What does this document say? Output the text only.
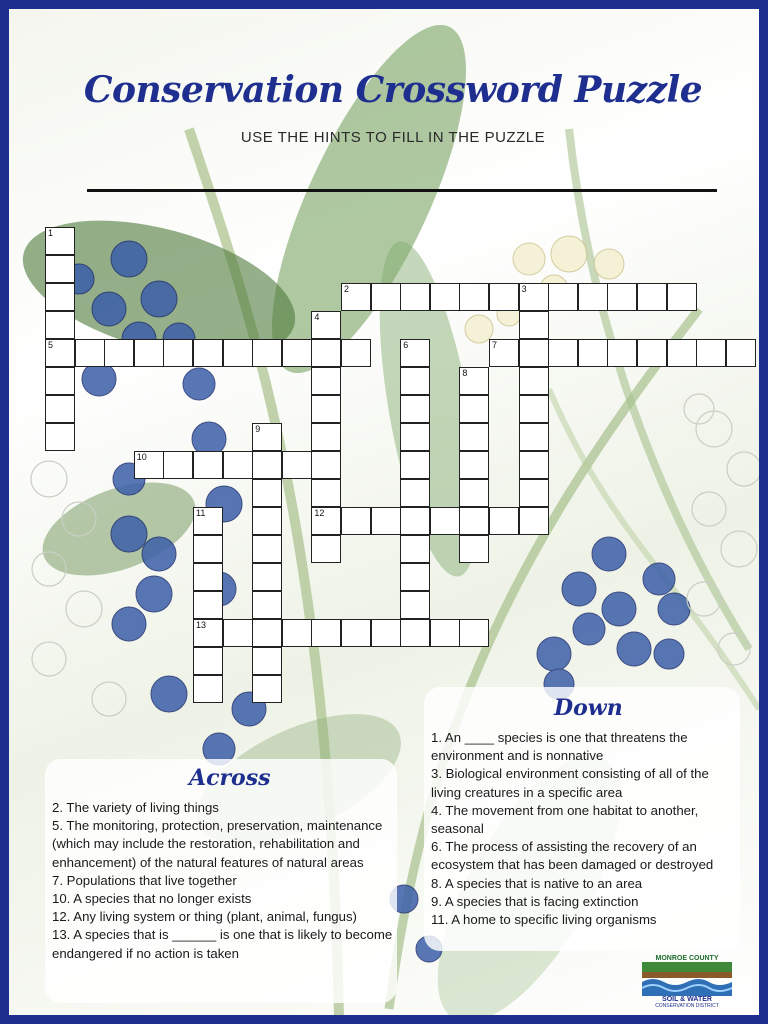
Conservation Crossword Puzzle
USE THE HINTS TO FILL IN THE PUZZLE
1
5
2	3
4
12
6	7
8
9
10
11
13
Across

2. The variety of living things

5. The monitoring, protection, preservation, maintenance (which may include the restoration, rehabilitation and enhancement) of the natural features of natural areas

7. Populations that live together

10. A species that no longer exists

12. Any living system or thing (plant, animal, fungus)

13. A species that is ______ is one that is likely to become endangered if no action is taken

Down

1. An ____ species is one that threatens the environment and is nonnative

3. Biological environment consisting of all of the living creatures in a specific area

4. The movement from one habitat to another, seasonal

6. The process of assisting the recovery of an ecosystem that has been damaged or destroyed

8. A species that is native to an area

9. A species that is facing extinction

11. A home to specific living organisms

MONROE COUNTY
SOIL & WATER
CONSERVATION DISTRICT
